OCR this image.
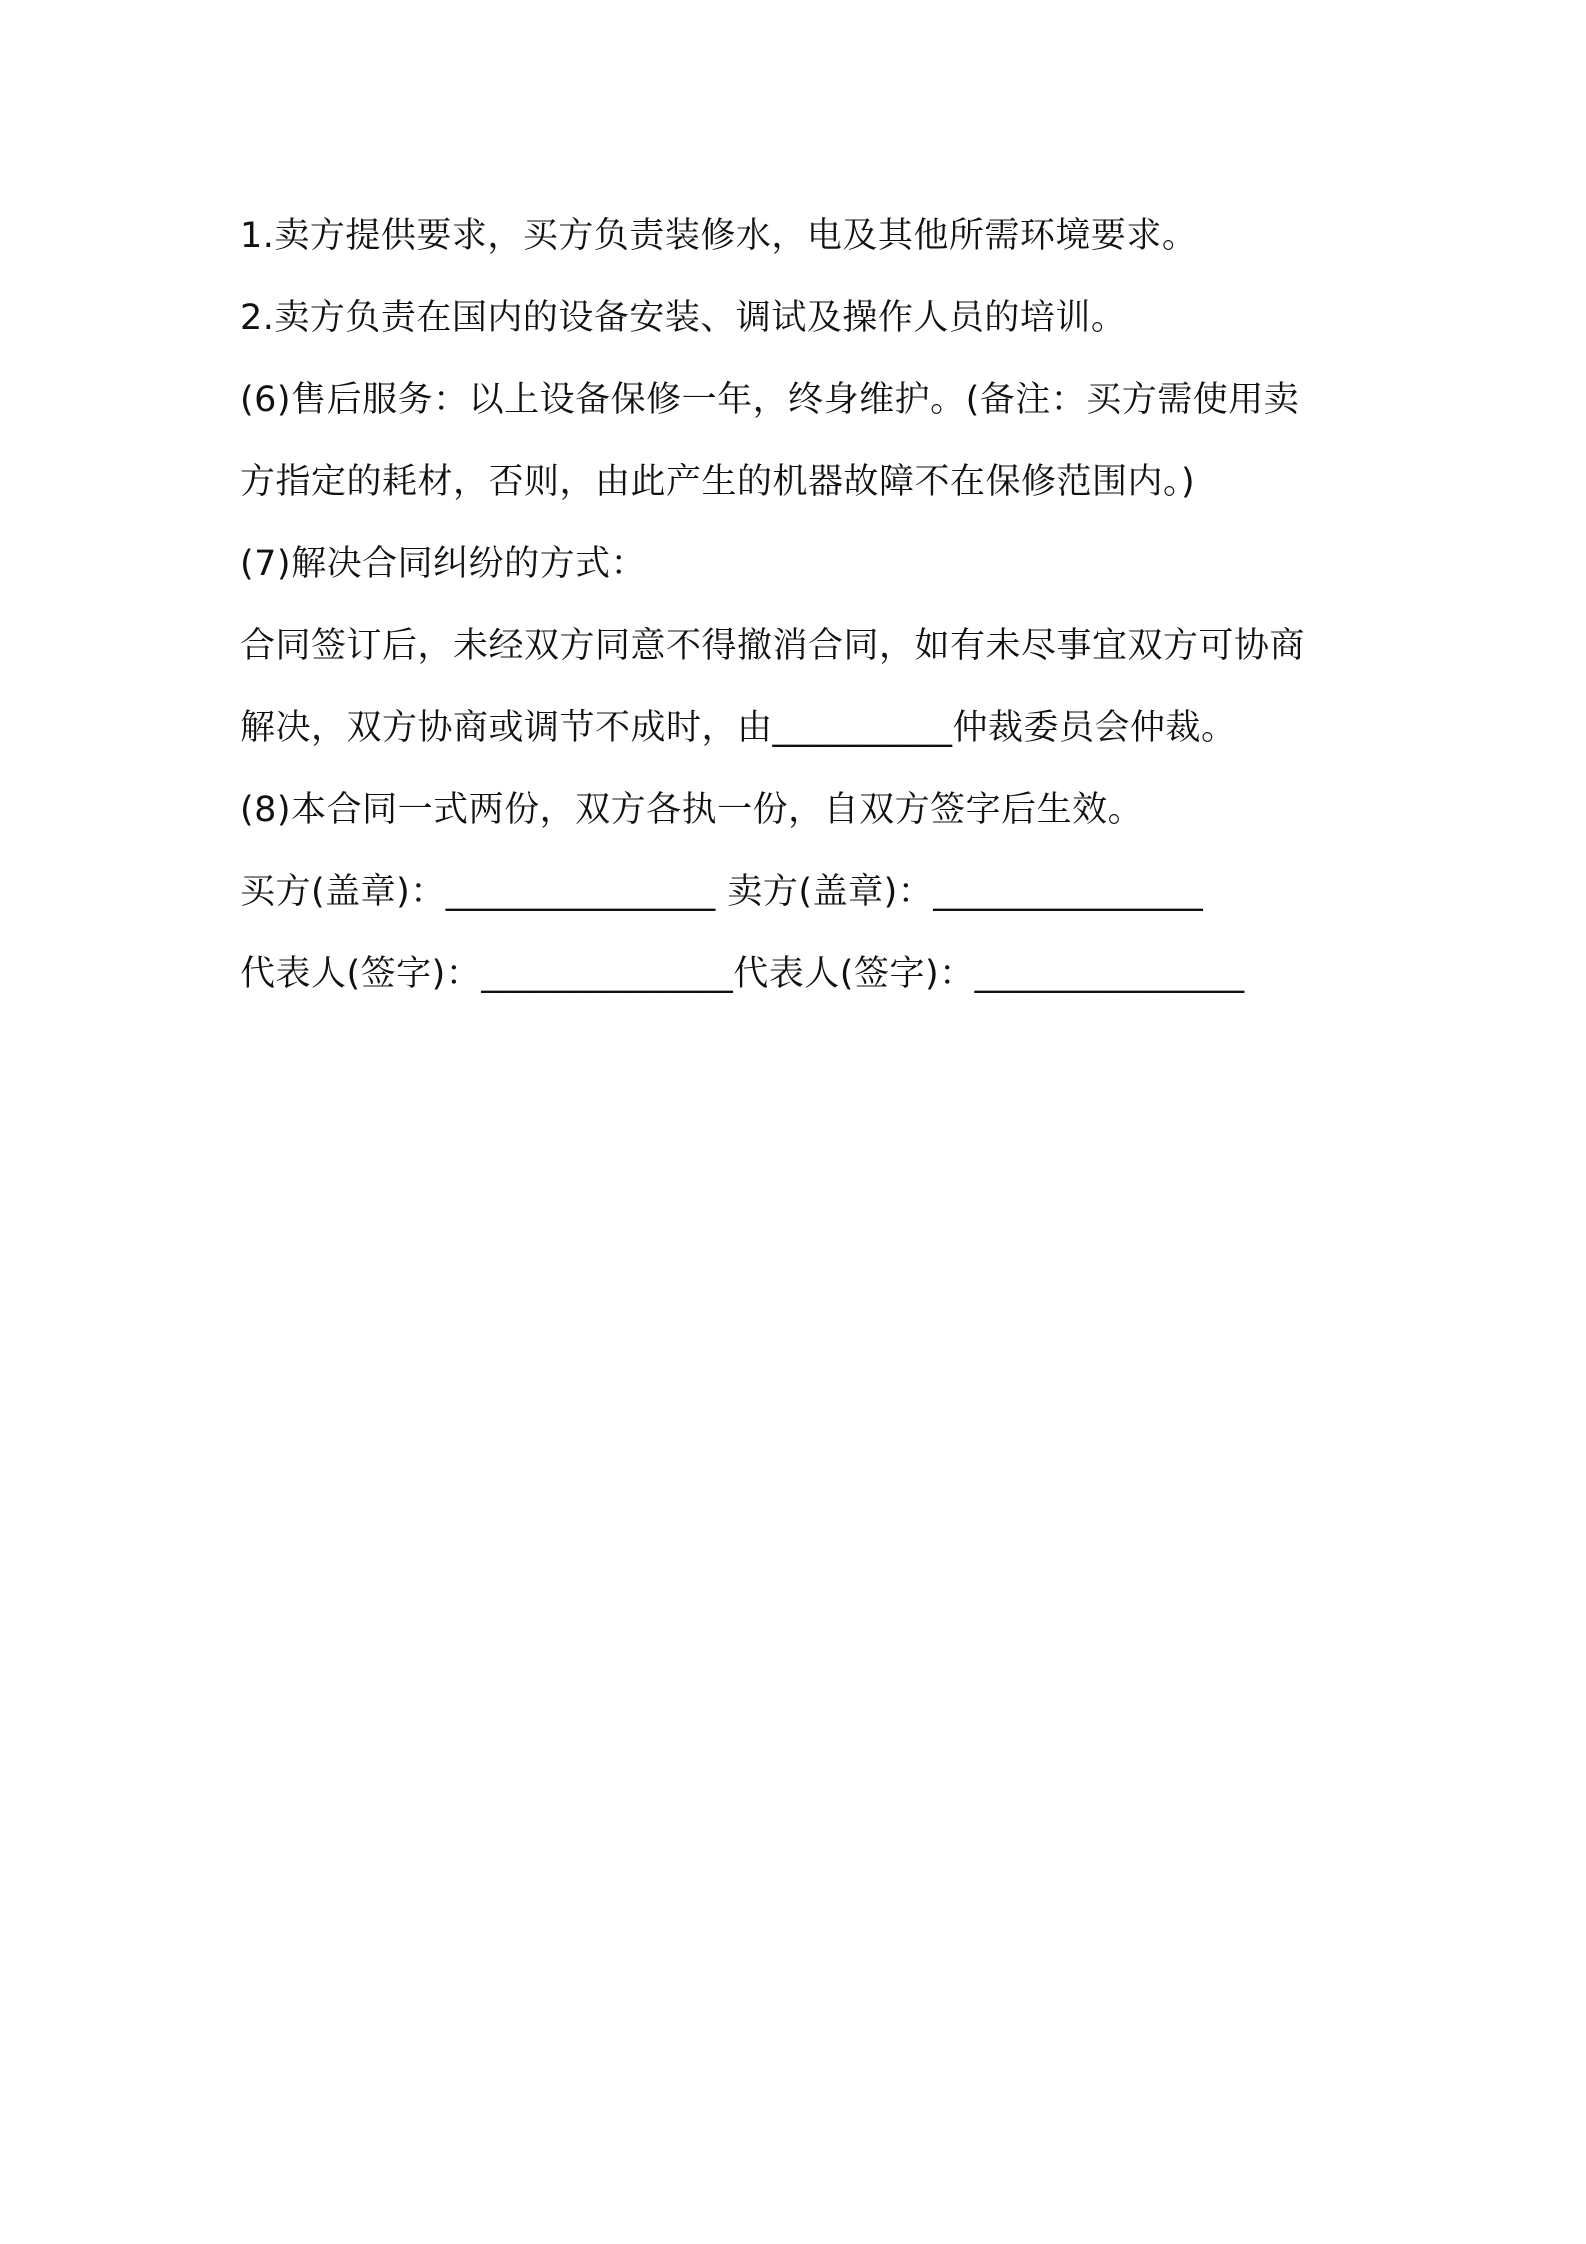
1.卖方提供要求，买方负责装修水，电及其他所需环境要求。
2.卖方负责在国内的设备安装、调试及操作人员的培训。
(6)售后服务：以上设备保修一年，终身维护。(备注：买方需使用卖
方指定的耗材，否则，由此产生的机器故障不在保修范围内。)
(7)解决合同纠纷的方式：
合同签订后，未经双方同意不得撤消合同，如有未尽事宜双方可协商
解决，双方协商或调节不成时，由__________仲裁委员会仲裁。
(8)本合同一式两份，双方各执一份，自双方签字后生效。
买方(盖章)：_______________ 卖方(盖章)：_______________
代表人(签字)：______________代表人(签字)：_______________
